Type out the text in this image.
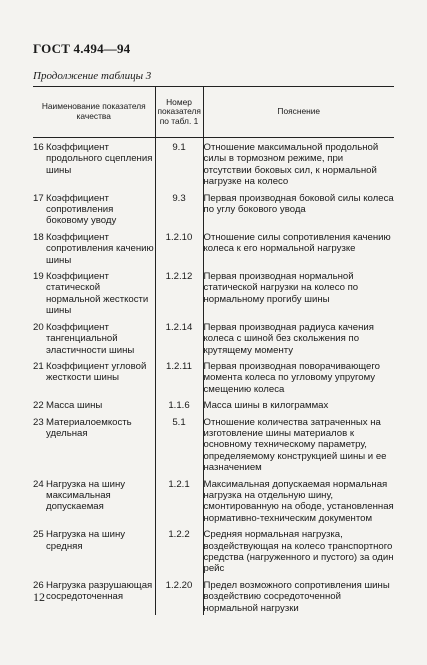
ГОСТ 4.494—94
Продолжение таблицы 3
Наименование показателя качества		Номер показателя по табл. 1	Пояснение

16	Коэффициент продольного сцепления шины	9.1	Отношение максимальной продольной силы в тормозном режиме, при отсутствии боковых сил, к нормальной нагрузке на колесо

17	Коэффициент сопротивления боковому уводу	9.3	Первая производная боковой силы колеса по углу бокового увода

18	Коэффициент сопротивления качению шины	1.2.10	Отношение силы сопротивления качению колеса к его нормальной нагрузке

19	Коэффициент статической нормальной жесткости шины	1.2.12	Первая производная нормальной статической нагрузки на колесо по нормальному прогибу шины

20	Коэффициент тангенциальной эластичности шины	1.2.14	Первая производная радиуса качения колеса с шиной без скольжения по крутящему моменту

21	Коэффициент угловой жесткости шины	1.2.11	Первая производная поворачивающего момента колеса по угловому упругому смещению колеса

22	Масса шины	1.1.6	Масса шины в килограммах

23	Материалоемкость удельная	5.1	Отношение количества затраченных на изготовление шины материалов к основному техническому параметру, определяемому конструкцией шины и ее назначением

24	Нагрузка на шину максимальная допускаемая	1.2.1	Максимальная допускаемая нормальная нагрузка на отдельную шину, смонтированную на ободе, установленная нормативно-техническим документом

25	Нагрузка на шину средняя	1.2.2	Средняя нормальная нагрузка, воздействующая на колесо транспортного средства (нагруженного и пустого) за один рейс

26	Нагрузка разрушающая сосредоточенная	1.2.20	Предел возможного сопротивления шины воздействию сосредоточенной нормальной нагрузки
12
